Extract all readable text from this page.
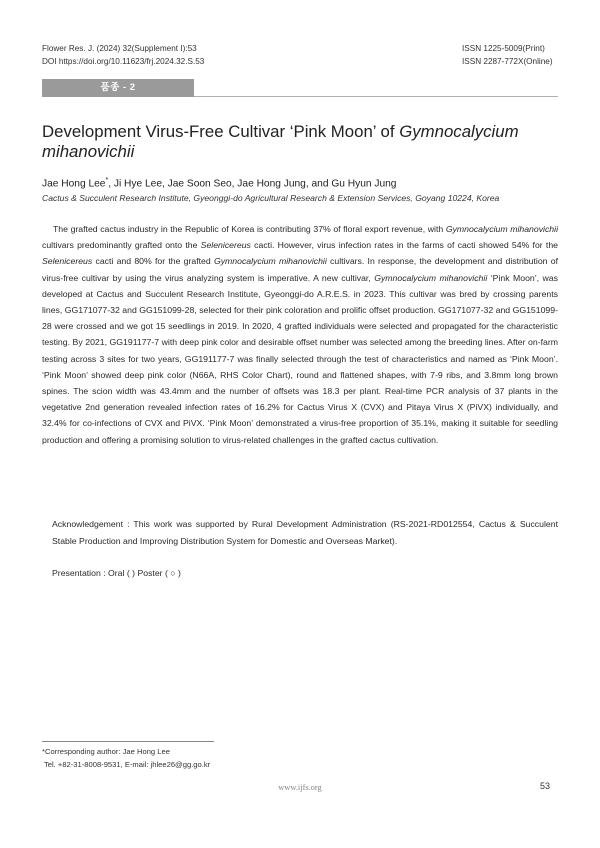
Flower Res. J. (2024) 32(Supplement I):53
DOI https://doi.org/10.11623/frj.2024.32.S.53
ISSN 1225-5009(Print)
ISSN 2287-772X(Online)
품종 - 2
Development Virus-Free Cultivar ‘Pink Moon’ of Gymnocalycium mihanovichii
Jae Hong Lee*, Ji Hye Lee, Jae Soon Seo, Jae Hong Jung, and Gu Hyun Jung
Cactus & Succulent Research Institute, Gyeonggi-do Agricultural Research & Extension Services, Goyang 10224, Korea

The grafted cactus industry in the Republic of Korea is contributing 37% of floral export revenue, with Gymnocalycium mihanovichii cultivars predominantly grafted onto the Selenicereus cacti. However, virus infection rates in the farms of cacti showed 54% for the Selenicereus cacti and 80% for the grafted Gymnocalycium mihanovichii cultivars. In response, the development and distribution of virus-free cultivar by using the virus analyzing system is imperative. A new cultivar, Gymnocalycium mihanovichii ‘Pink Moon’, was developed at Cactus and Succulent Research Institute, Gyeonggi-do A.R.E.S. in 2023. This cultivar was bred by crossing parents lines, GG171077-32 and GG151099-28, selected for their pink coloration and prolific offset production. GG171077-32 and GG151099-28 were crossed and we got 15 seedlings in 2019. In 2020, 4 grafted individuals were selected and propagated for the characteristic testing. By 2021, GG191177-7 with deep pink color and desirable offset number was selected among the breeding lines. After on-farm testing across 3 sites for two years, GG191177-7 was finally selected through the test of characteristics and named as ‘Pink Moon’. ‘Pink Moon’ showed deep pink color (N66A, RHS Color Chart), round and flattened shapes, with 7-9 ribs, and 3.8mm long brown spines. The scion width was 43.4mm and the number of offsets was 18.3 per plant. Real-time PCR analysis of 37 plants in the vegetative 2nd generation revealed infection rates of 16.2% for Cactus Virus X (CVX) and Pitaya Virus X (PiVX) individually, and 32.4% for co-infections of CVX and PiVX. ‘Pink Moon’ demonstrated a virus-free proportion of 35.1%, making it suitable for seedling production and offering a promising solution to virus-related challenges in the grafted cactus cultivation.

Acknowledgement : This work was supported by Rural Development Administration (RS-2021-RD012554, Cactus & Succulent Stable Production and Improving Distribution System for Domestic and Overseas Market).

Presentation : Oral ( ) Poster ( ○ )
*Corresponding author: Jae Hong Lee
Tel. +82-31-8008-9531, E-mail: jhlee26@gg.go.kr
www.ijfs.org	53
